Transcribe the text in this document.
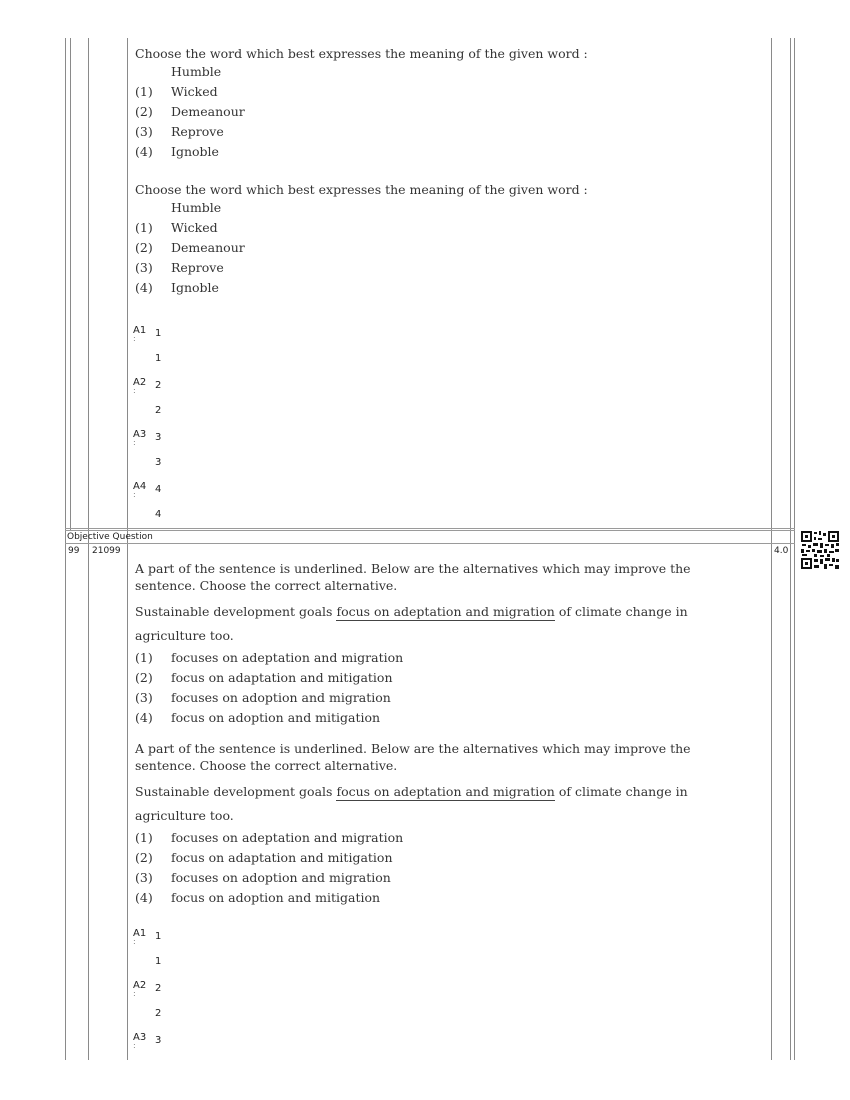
Choose the word which best expresses the meaning of the given word :
Humble
(1)	Wicked
(2)	Demeanour
(3)	Reprove
(4)	Ignoble
Choose the word which best expresses the meaning of the given word :
Humble
(1)	Wicked
(2)	Demeanour
(3)	Reprove
(4)	Ignoble
A1
: 1
1
A2
: 2
2
A3
: 3
3
A4
: 4
4
Objective Question
99 21099	4.0
A part of the sentence is underlined. Below are the alternatives which may improve the sentence. Choose the correct alternative.
Sustainable development goals focus on adeptation and migration of climate change in agriculture too.
(1)	focuses on adeptation and migration
(2)	focus on adaptation and mitigation
(3)	focuses on adoption and migration
(4)	focus on adoption and mitigation
A part of the sentence is underlined. Below are the alternatives which may improve the sentence. Choose the correct alternative.
Sustainable development goals focus on adeptation and migration of climate change in agriculture too.
(1)	focuses on adeptation and migration
(2)	focus on adaptation and mitigation
(3)	focuses on adoption and migration
(4)	focus on adoption and mitigation
A1
: 1
1
A2
: 2
2
A3
: 3
